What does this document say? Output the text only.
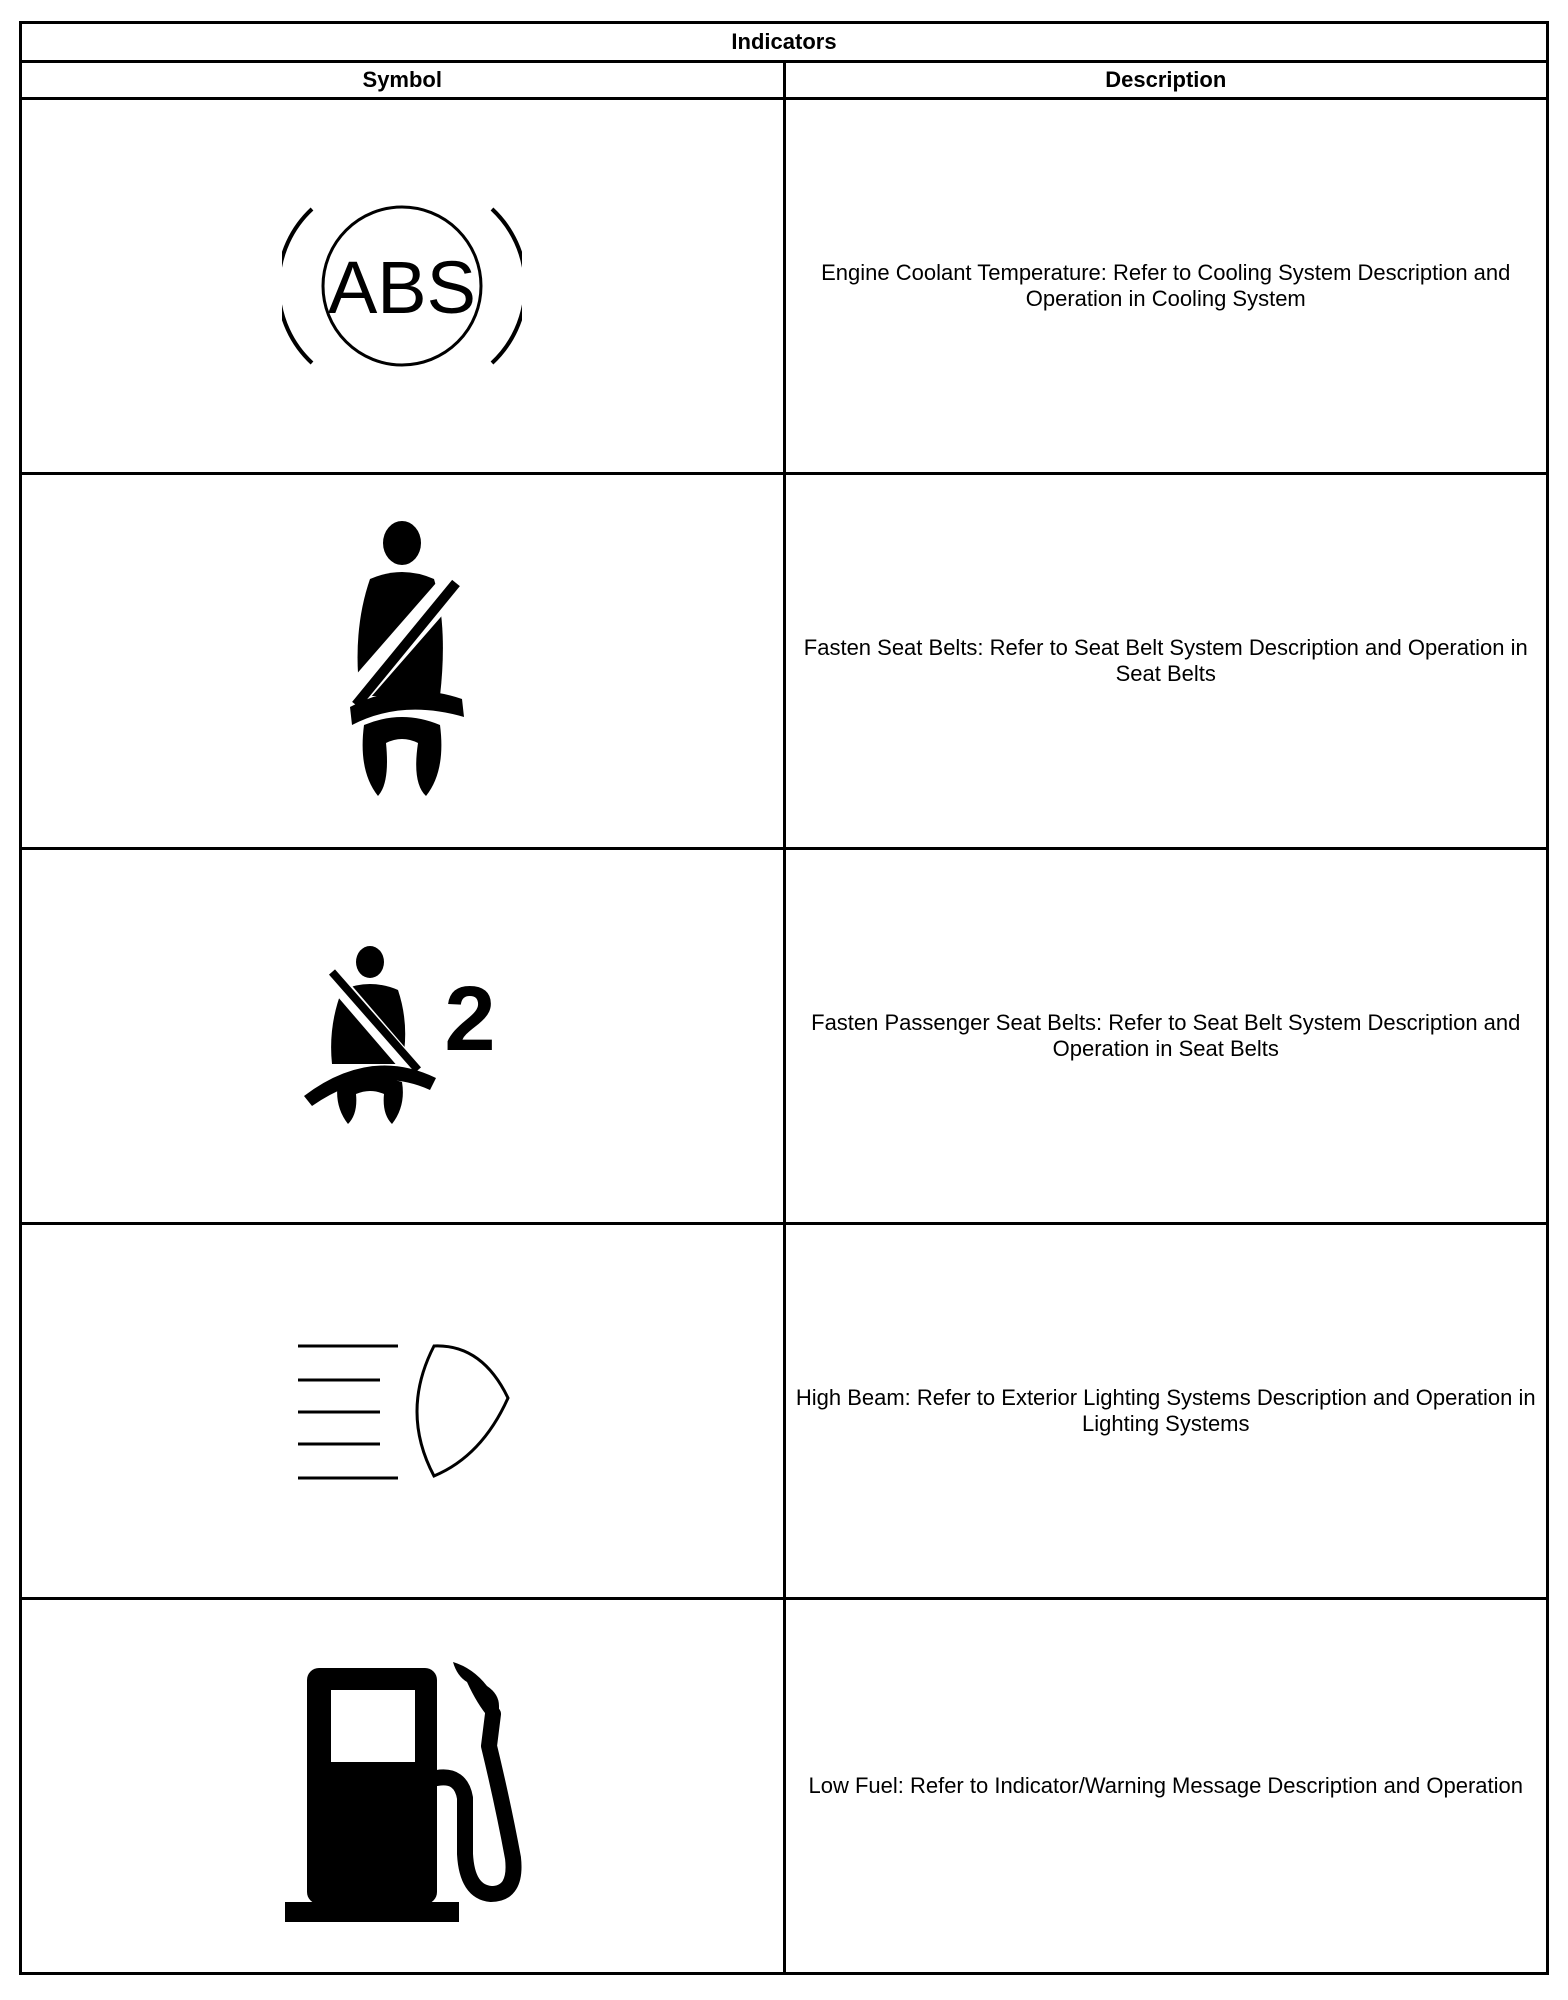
Indicators	
Symbol	Description

ABS	Engine Coolant Temperature: Refer to Cooling System Description and Operation in Cooling System

	Fasten Seat Belts: Refer to Seat Belt System Description and Operation in Seat Belts

2	Fasten Passenger Seat Belts: Refer to Seat Belt System Description and Operation in Seat Belts

	High Beam: Refer to Exterior Lighting Systems Description and Operation in Lighting Systems

	Low Fuel: Refer to Indicator/Warning Message Description and Operation
